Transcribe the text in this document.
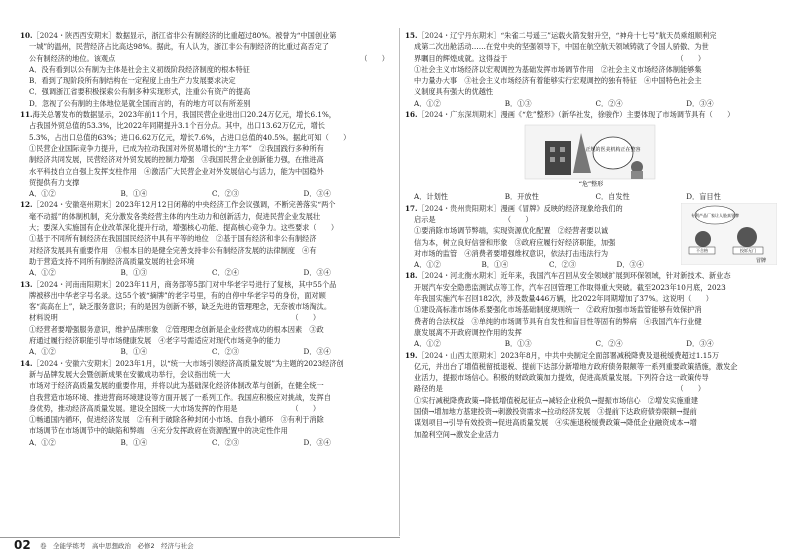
10.［2024・陕西西安期末］数据显示，浙江省非公有制经济的比重超过80%。被誉为“中国创业第
一城”的温州，民营经济占比高达98%。据此，有人认为，浙江非公有制经济的比重过高否定了
公有制经济的地位。该观点	（　　）
A．没有看到以公有制为主体是社会主义初级阶段经济制度的根本特征
B．看到了现阶段所有制结构在一定程度上由生产力发展要求决定
C．强调浙江省要积极探索公有制多种实现形式，注重公有资产的提高
D．忽视了公有制的主体地位是就全国而言的，有的地方可以有所差别
11.海关总署发布的数据显示，2023年前11个月，我国民营企业进出口20.24万亿元，增长6.1%，
占我国外贸总值的53.3%，比2022年同期提升3.1个百分点。其中，出口13.62万亿元，增长
5.3%，占出口总值的63%；进口6.62万亿元，增长7.6%，占进口总值的40.5%。据此可知（　　）
①民营企业国际竞争力提升，已成为拉动我国对外贸易增长的“主力军”　②我国践行多种所有
制经济共同发展，民营经济对外贸发展的控制力增强　③我国民营企业创新能力强，在推进高
水平科技自立自强上发挥支柱作用　④激活广大民营企业对外发展信心与活力，能为中国稳外
贸提供有力支撑
A．①②	B．①④	C．②③	D．③④
12.［2024・安徽亳州期末］2023年12月12日闭幕的中央经济工作会议强调，不断完善落实“两个
毫不动摇”的体制机制，充分激发各类经营主体的内生动力和创新活力，促进民营企业发展壮
大；要深入实施国有企业改革深化提升行动，增强核心功能、提高核心竞争力。这些要求（　　）
①基于不同所有制经济在我国国民经济中具有平等的地位　②基于国有经济和非公有制经济
对经济发展具有重要作用　③根本目的是健全完善支持非公有制经济发展的法律制度　④有
助于营造支持不同所有制经济高质量发展的社会环境
A．①②	B．①③	C．②④	D．③④
13.［2024・河南南阳期末］2023年11月，商务部等5部门对中华老字号进行了复核，其中55个品
牌被移出中华老字号名录。这55个被“摘牌”的老字号里，有的自停中华老字号的身份，面对顾
客“高高在上”，缺乏服务意识；有的是因为创新不够，缺乏先进的管理理念，无奈被市场淘汰。
材料说明　　　　　　　　　　　　　　　　　　　　　　　　　　　　　　　　　（　　）
①经营者要增强服务意识，维护品牌形象　②管理理念创新是企业经营成功的根本因素　③政
府通过履行经济职能引导市场健康发展　④老字号需适应对现代市场竞争的能力
A．①②	B．①④	C．②③	D．③④
14.［2024・安徽六安期末］2023年1月，以“统一大市场引领经济高质量发展”为主题的2023经济创
新与品牌发展大会暨创新成果在安徽成功举行，会议指出统一大
市场对于经济高质量发展的重要作用，并将以此为基础深化经济体制改革与创新，在健全统一
自我营造市场环境、推进营商环境建设等方面开展了一系列工作。我国应积极应对挑战，发挥自
身优势，推动经济高质量发展。建设全国统一大市场发挥的作用是　　　　　　　　（　　）
①畅通国内循环，促进经济发展　②有利于破除各种封闭小市场、自我小循环　③有利于消除
市场调节在市场调节中的缺陷和弊端　④充分发挥政府在资源配置中的决定性作用
A．①②	B．①④	C．②③	D．③④
15.［2024・辽宁丹东期末］“朱雀二号遥三”运载火箭发射升空，“神舟十七号”航天员乘组顺利完
成第二次出舱活动……在党中央的坚强领导下，中国在航空航天领域铸就了令国人骄傲、为世
界瞩目的辉煌成就。这得益于　　　　　　　　　　　　　　　　　　　　　　　　（　　）
①社会主义市场经济以宏观调控为基础发挥市场调节作用　②社会主义市场经济体制能够集
中力量办大事　③社会主义市场经济有着能够实行宏观调控的独有特征　④中国特色社会主
义制度具有强大的优越性
A．①②	B．①③	C．②④	D．③④
16.［2024・广东深圳期末］漫画《“危”整形》（新华社发，徐骏作）主要体现了市场调节具有（　　）
正规的医美机构正在整容
“危”整形
A．计划性	B．开放性	C．自发性	D．盲目性
专利产品厂家让人脸真冒牌
不合格	投诉无门
冒牌
17.［2024・贵州贵阳期末］漫画《冒牌》反映的经济现象给我们的
启示是　　　　　　　　　　（　　）
①要消除市场调节弊端，实现资源优化配置　②经营者要以诚
信为本，树立良好信誉和形象　③政府应履行好经济职能，加强
对市场的监管　④消费者要增强维权意识，依法打击违法行为
A．①②	B．①④	C．②③	D．③④
18.［2024・河北衡水期末］近年来，我国汽车召回从安全领域扩展到环保领域，针对新技术、新业态
开展汽车安全隐患监测试点等工作，汽车召回管理工作取得重大突破。截至2023年10月底，2023
年我国实施汽车召回182次，涉及数量446万辆，比2022年同期增加了37%。这说明（　　）
①建设高标准市场体系要强化市场基础制度规则统一　②政府加强市场监管能够有效保护消
费者的合法权益　③单纯的市场调节具有自发性和盲目性等固有的弊病　④我国汽车行业健
康发展离不开政府调控作用的发挥
A．①②	B．①③	C．②④	D．③④
19.［2024・山西太原期末］2023年8月，中共中央制定全面部署减税降费及退税缓费超过1.15万
亿元，并出台了增值税留抵退税、提前下达部分新增地方政府债务限额等一系列重要政策措施，激发企
业活力，提振市场信心。积极的财政政策加力提效，促进高质量发展。下列符合这一政策传导
路径的是　　　　　　　　　　　　　　　　　　　　　　　　　　　　　　　　　（　　）
①实行减税降费政策→降低增值税起征点→减轻企业税负→提振市场信心　②增发实施重建
国债→增加地方基建投资→刺激投资需求→拉动经济发展　③提前下达政府债券限额→提前
谋划项目→引导有效投资→促进高质量发展　④实施退税缓费政策→降低企业融资成本→增
加盈利空间→激发企业活力
02 卷　全能学练考　高中思想政治　必修2　经济与社会
